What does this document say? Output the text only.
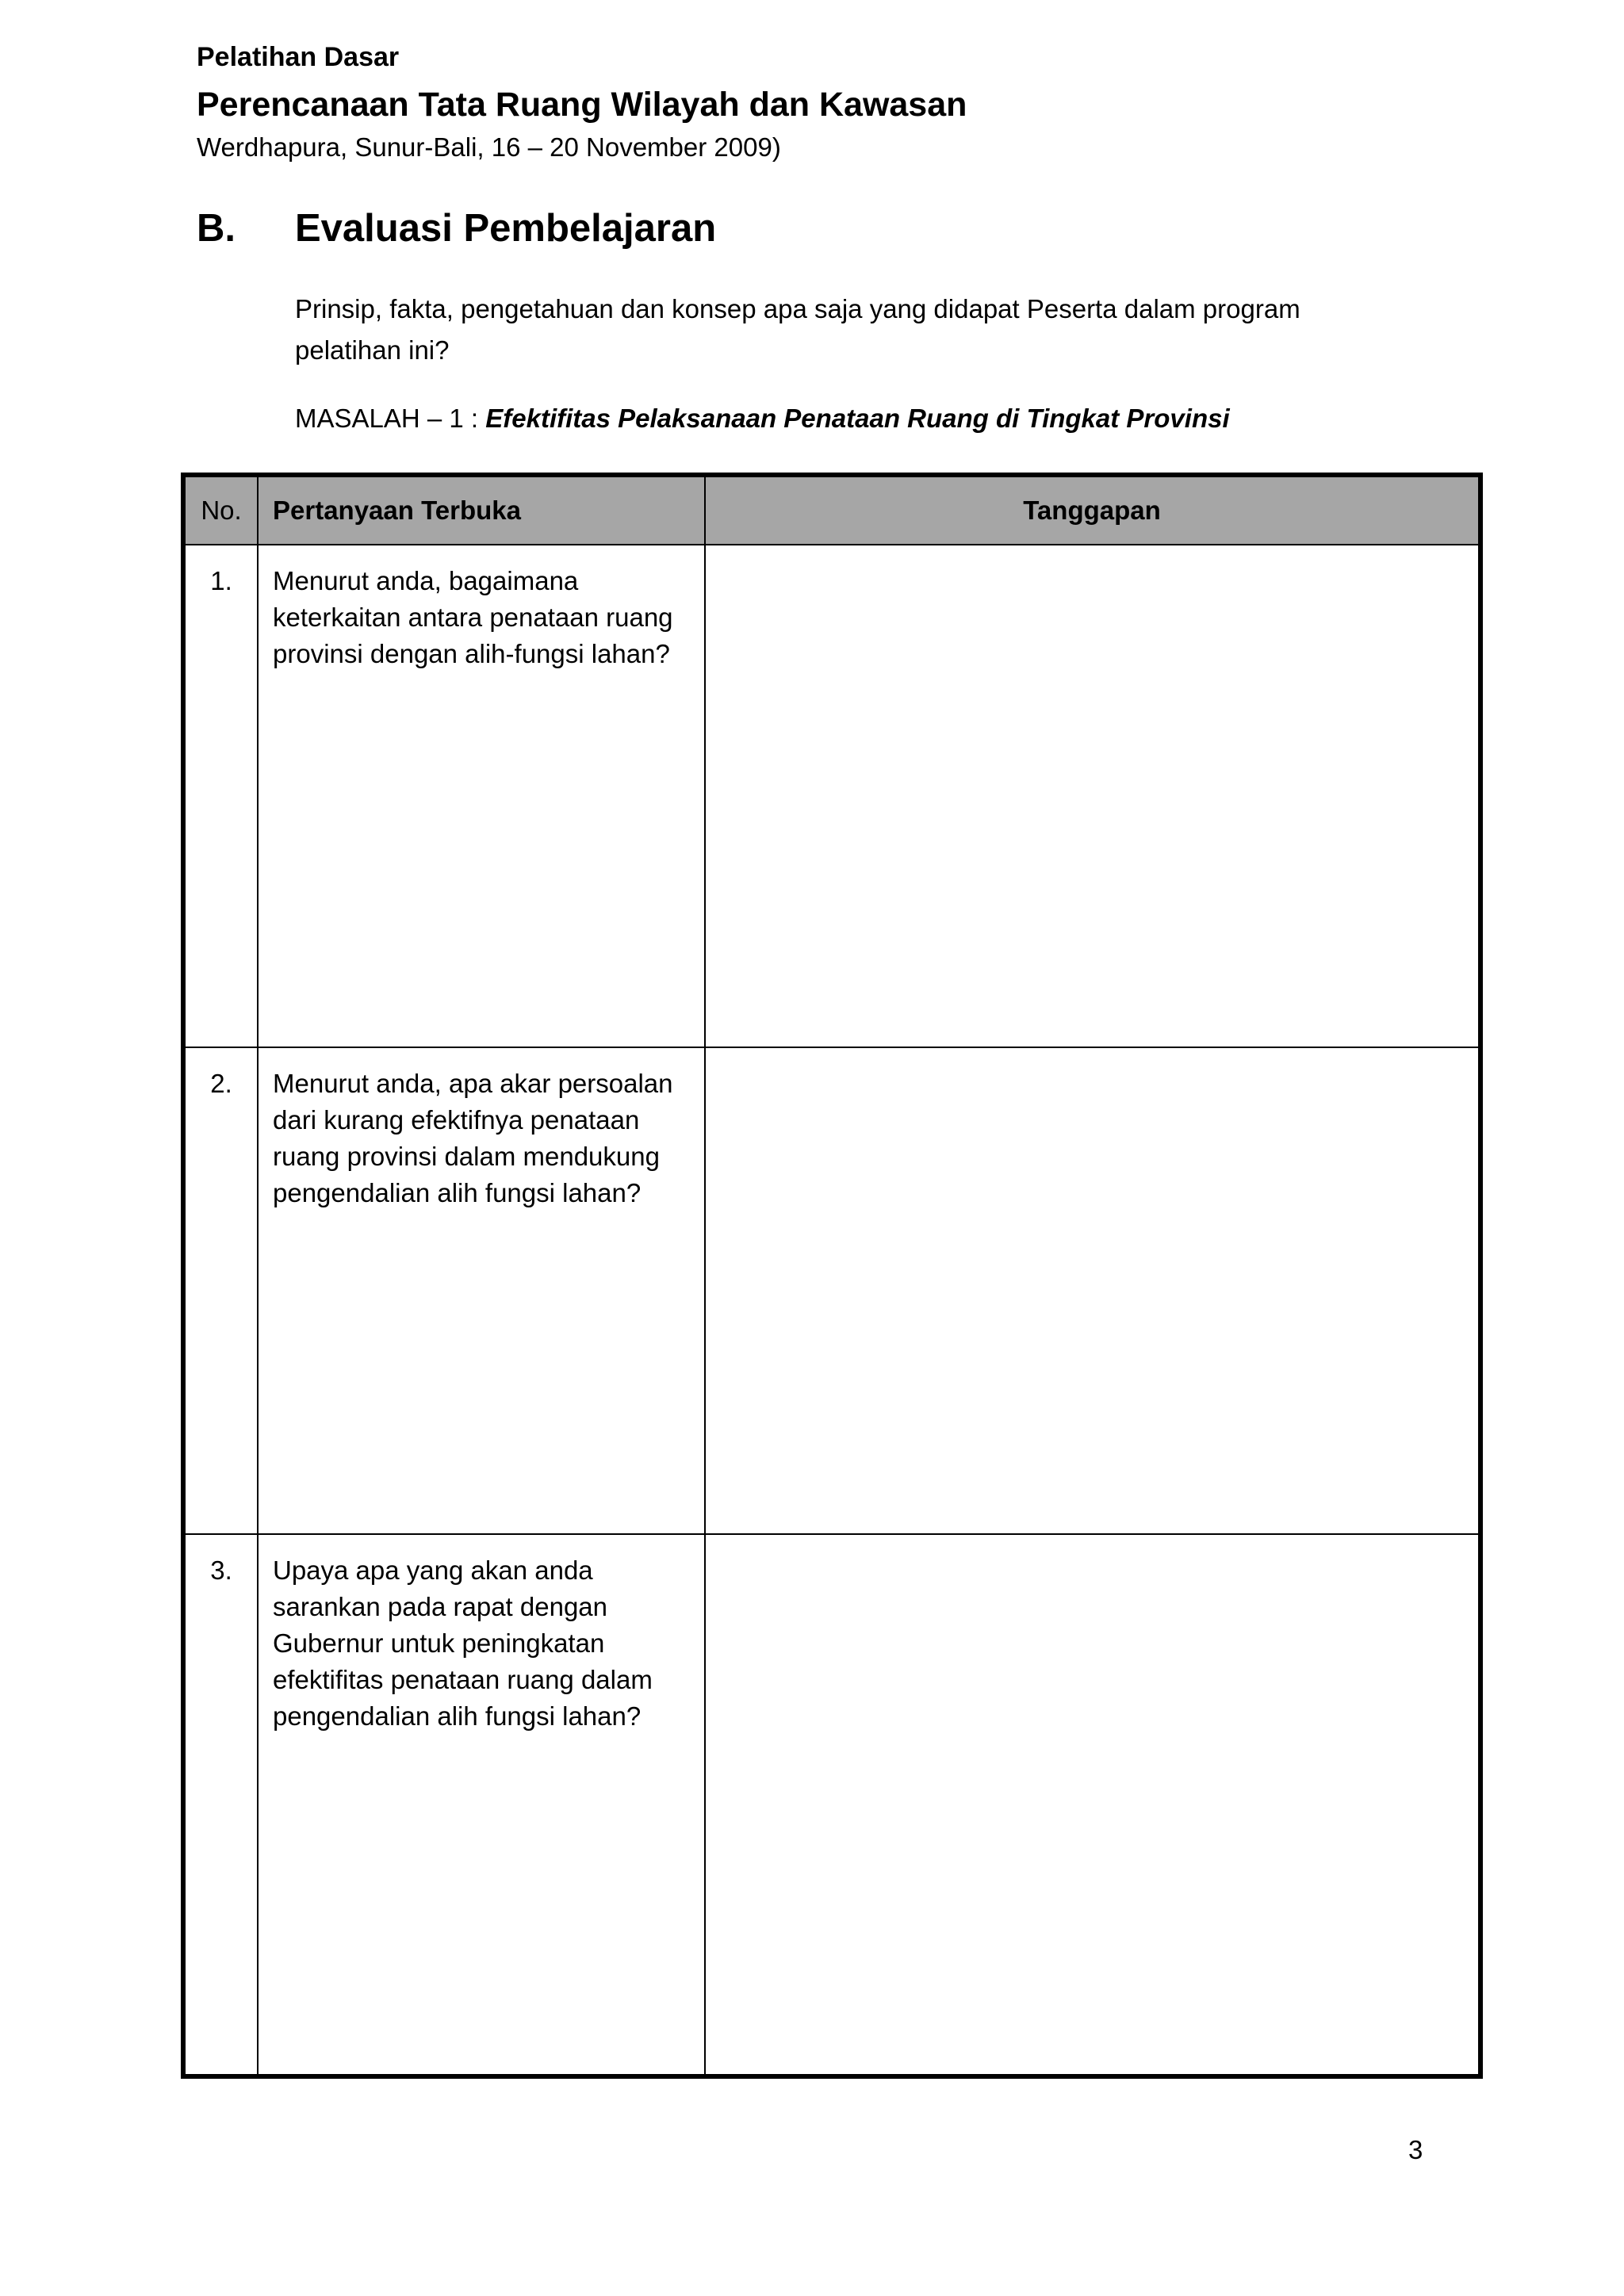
Pelatihan Dasar

Perencanaan Tata Ruang Wilayah dan Kawasan

Werdhapura, Sunur-Bali, 16 – 20 November 2009)

B.	Evaluasi Pembelajaran

Prinsip, fakta, pengetahuan dan konsep apa saja yang didapat Peserta dalam program pelatihan ini?

MASALAH – 1 : Efektifitas Pelaksanaan Penataan Ruang di Tingkat Provinsi

No.	Pertanyaan Terbuka	Tanggapan
1.	Menurut anda, bagaimana keterkaitan antara penataan ruang provinsi dengan alih-fungsi lahan?	
2.	Menurut anda, apa akar persoalan dari kurang efektifnya penataan ruang provinsi dalam mendukung pengendalian alih fungsi lahan?	
3.	Upaya apa yang akan anda sarankan pada rapat dengan Gubernur untuk peningkatan efektifitas penataan ruang dalam pengendalian alih fungsi lahan?	

3
